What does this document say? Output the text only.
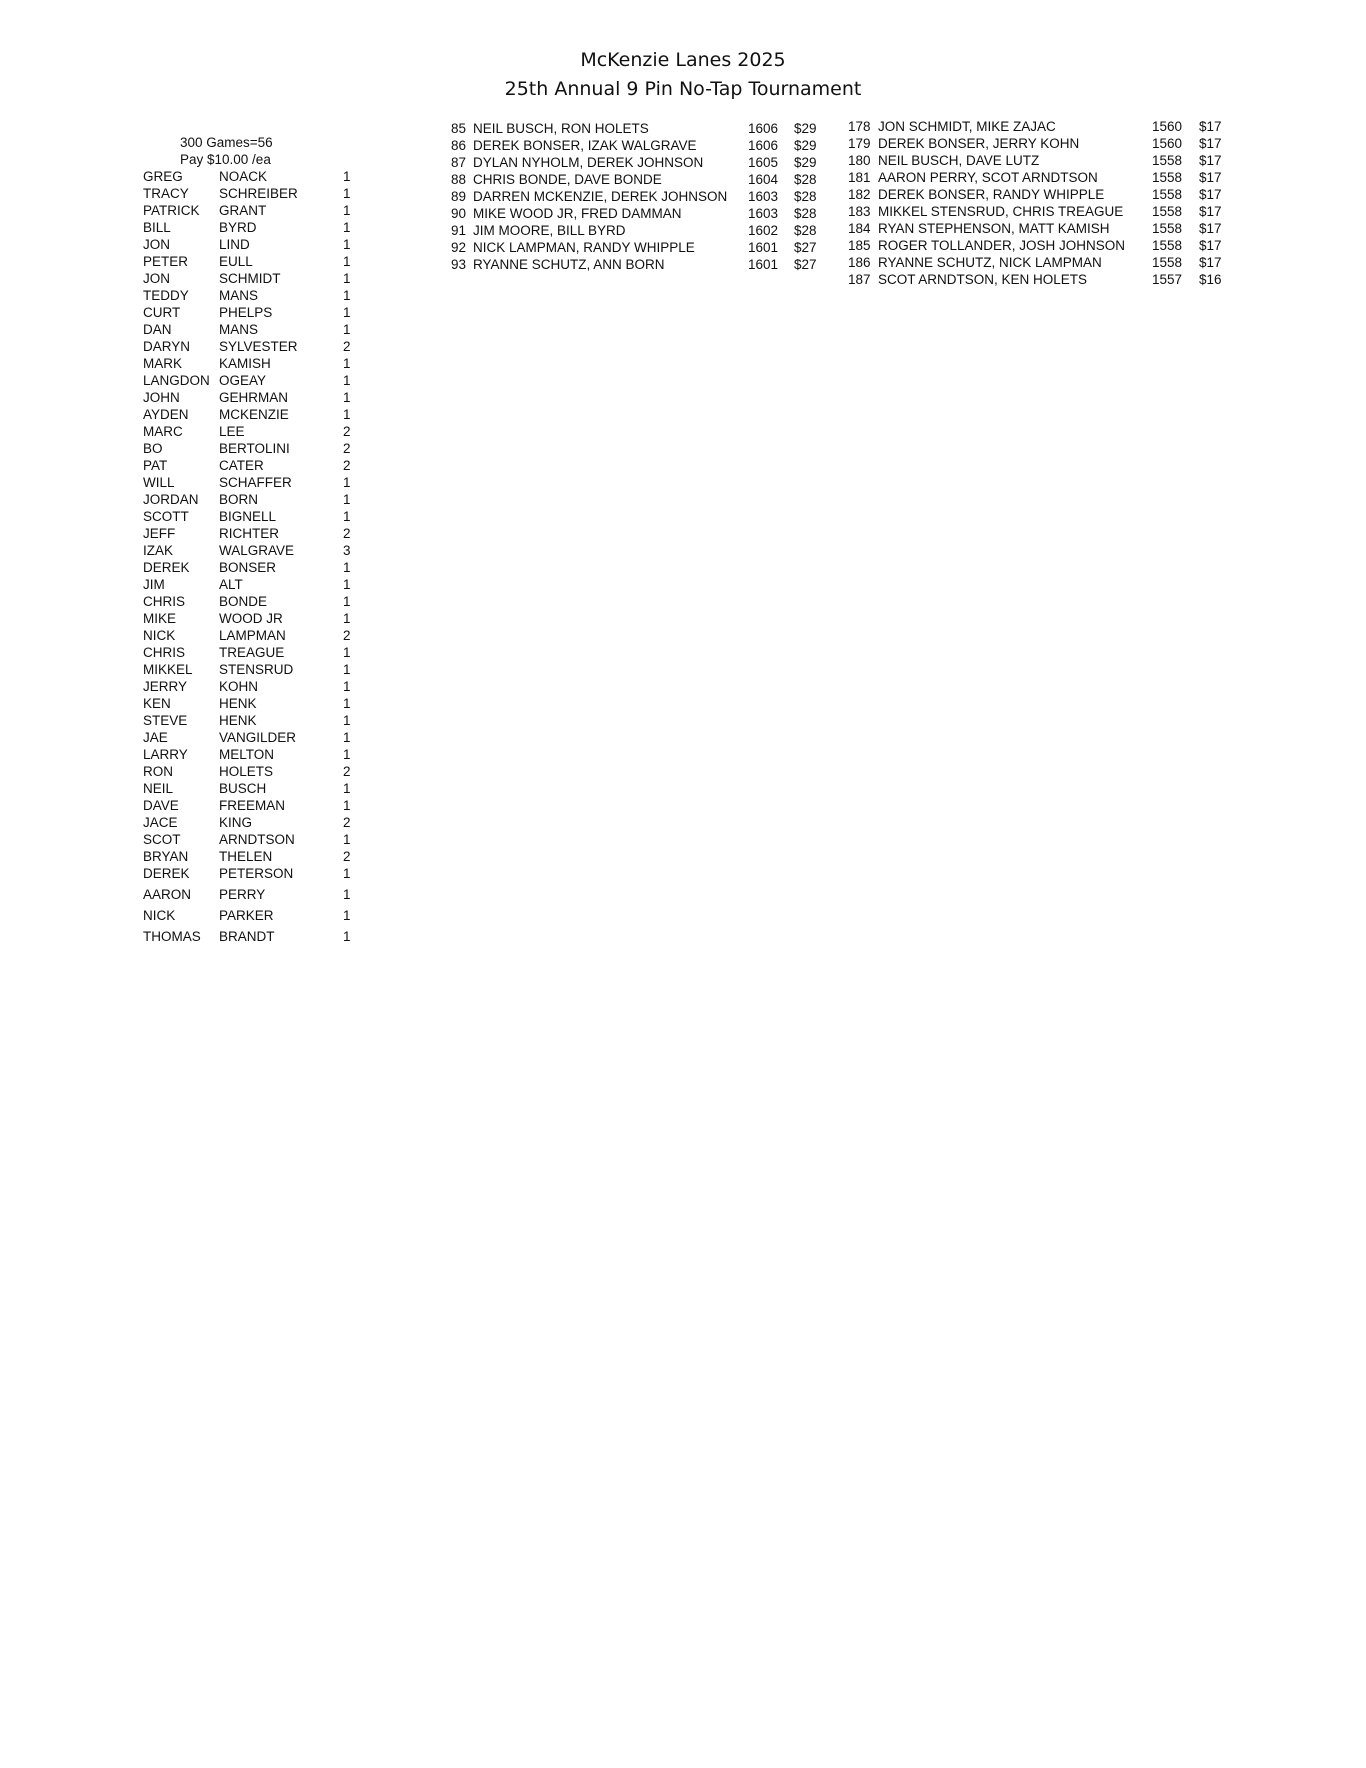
McKenzie Lanes 2025
25th Annual 9 Pin No-Tap Tournament
300 Games=56
Pay $10.00 /ea
GREG	NOACK	1
TRACY SCHREIBER	1
PATRICK GRANT	1
BILL	BYRD	1
JON	LIND	1
PETER EULL	1
JON	SCHMIDT	1
TEDDY MANS	1
CURT	PHELPS	1
DAN	MANS	1
DARYN SYLVESTER	2
MARK	KAMISH	1
LANGDON OGEAY	1
JOHN	GEHRMAN	1
AYDEN MCKENZIE	1
MARC	LEE	2
BO	BERTOLINI	2
PAT	CATER	2
WILL	SCHAFFER	1
JORDAN BORN	1
SCOTT BIGNELL	1
JEFF	RICHTER	2
IZAK	WALGRAVE	3
DEREK BONSER	1
JIM	ALT	1
CHRIS	BONDE	1
MIKE	WOOD JR	1
NICK	LAMPMAN	2
CHRIS	TREAGUE	1
MIKKEL STENSRUD	1
JERRY KOHN	1
KEN	HENK	1
STEVE HENK	1
JAE	VANGILDER	1
LARRY MELTON	1
RON	HOLETS	2
NEIL	BUSCH	1
DAVE	FREEMAN	1
JACE	KING	2
SCOT	ARNDTSON	1
BRYAN THELEN	2
DEREK PETERSON	1
AARON PERRY	1
NICK	PARKER	1
THOMAS BRANDT	1
85 NEIL BUSCH, RON HOLETS	1606 $29
86 DEREK BONSER, IZAK WALGRAVE	1606 $29
87 DYLAN NYHOLM, DEREK JOHNSON	1605 $29
88 CHRIS BONDE, DAVE BONDE	1604 $28
89 DARREN MCKENZIE, DEREK JOHNSON 1603 $28
90 MIKE WOOD JR, FRED DAMMAN	1603 $28
91 JIM MOORE, BILL BYRD	1602 $28
92 NICK LAMPMAN, RANDY WHIPPLE	1601 $27
93 RYANNE SCHUTZ, ANN BORN	1601 $27
178 JON SCHMIDT, MIKE ZAJAC	1560 $17
179 DEREK BONSER, JERRY KOHN	1560 $17
180 NEIL BUSCH, DAVE LUTZ	1558 $17
181 AARON PERRY, SCOT ARNDTSON	1558 $17
182 DEREK BONSER, RANDY WHIPPLE	1558 $17
183 MIKKEL STENSRUD, CHRIS TREAGUE 1558 $17
184 RYAN STEPHENSON, MATT KAMISH	1558 $17
185 ROGER TOLLANDER, JOSH JOHNSON 1558 $17
186 RYANNE SCHUTZ, NICK LAMPMAN	1558 $17
187 SCOT ARNDTSON, KEN HOLETS	1557 $16
